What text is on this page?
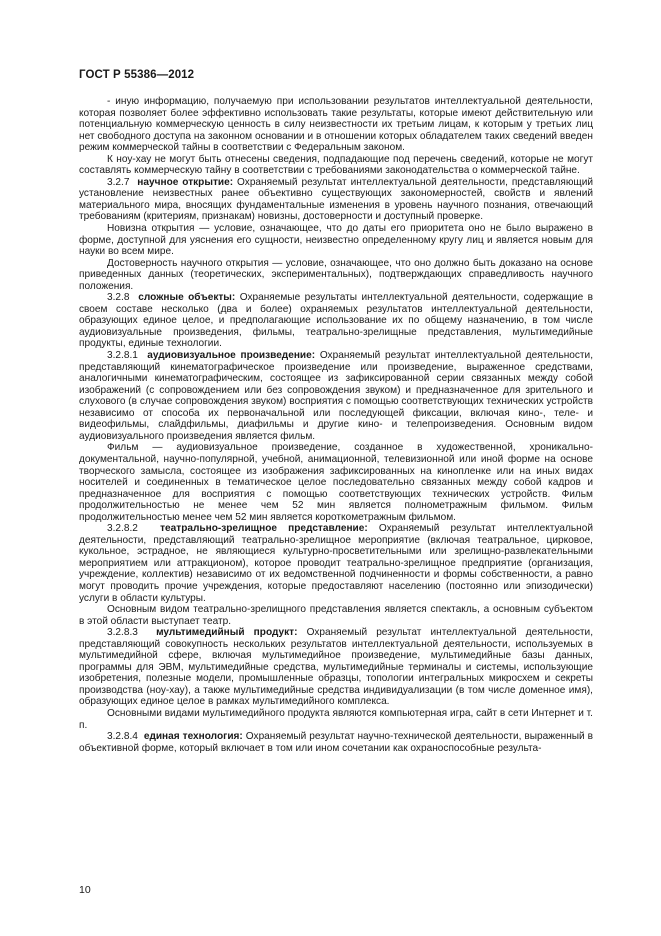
ГОСТ Р 55386—2012

- иную информацию, получаемую при использовании результатов интеллектуальной деятельности, которая позволяет более эффективно использовать такие результаты, которые имеют действительную или потенциальную коммерческую ценность в силу неизвестности их третьим лицам, к которым у третьих лиц нет свободного доступа на законном основании и в отношении которых обладателем таких сведений введен режим коммерческой тайны в соответствии с Федеральным законом.

К ноу-хау не могут быть отнесены сведения, подпадающие под перечень сведений, которые не могут составлять коммерческую тайну в соответствии с требованиями законодательства о коммерческой тайне.

3.2.7 научное открытие: Охраняемый результат интеллектуальной деятельности, представляющий установление неизвестных ранее объективно существующих закономерностей, свойств и явлений материального мира, вносящих фундаментальные изменения в уровень научного познания, отвечающий требованиям (критериям, признакам) новизны, достоверности и доступный проверке.

Новизна открытия — условие, означающее, что до даты его приоритета оно не было выражено в форме, доступной для уяснения его сущности, неизвестно определенному кругу лиц и является новым для науки во всем мире.

Достоверность научного открытия — условие, означающее, что оно должно быть доказано на основе приведенных данных (теоретических, экспериментальных), подтверждающих справедливость научного положения.

3.2.8 сложные объекты: Охраняемые результаты интеллектуальной деятельности, содержащие в своем составе несколько (два и более) охраняемых результатов интеллектуальной деятельности, образующих единое целое, и предполагающие использование их по общему назначению, в том числе аудиовизуальные произведения, фильмы, театрально-зрелищные представления, мультимедийные продукты, единые технологии.

3.2.8.1 аудиовизуальное произведение: Охраняемый результат интеллектуальной деятельности, представляющий кинематографическое произведение или произведение, выраженное средствами, аналогичными кинематографическим, состоящее из зафиксированной серии связанных между собой изображений (с сопровождением или без сопровождения звуком) и предназначенное для зрительного и слухового (в случае сопровождения звуком) восприятия с помощью соответствующих технических устройств независимо от способа их первоначальной или последующей фиксации, включая кино-, теле- и видеофильмы, слайдфильмы, диафильмы и другие кино- и телепроизведения. Основным видом аудиовизуального произведения является фильм.

Фильм — аудиовизуальное произведение, созданное в художественной, хроникально-документальной, научно-популярной, учебной, анимационной, телевизионной или иной форме на основе творческого замысла, состоящее из изображения зафиксированных на кинопленке или на иных видах носителей и соединенных в тематическое целое последовательно связанных между собой кадров и предназначенное для восприятия с помощью соответствующих технических устройств. Фильм продолжительностью не менее чем 52 мин является полнометражным фильмом. Фильм продолжительностью менее чем 52 мин является короткометражным фильмом.

3.2.8.2 театрально-зрелищное представление: Охраняемый результат интеллектуальной деятельности, представляющий театрально-зрелищное мероприятие (включая театральное, цирковое, кукольное, эстрадное, не являющиеся культурно-просветительными или зрелищно-развлекательными мероприятием или аттракционом), которое проводит театрально-зрелищное предприятие (организация, учреждение, коллектив) независимо от их ведомственной подчиненности и формы собственности, а равно могут проводить прочие учреждения, которые предоставляют населению (постоянно или эпизодически) услуги в области культуры.

Основным видом театрально-зрелищного представления является спектакль, а основным субъектом в этой области выступает театр.

3.2.8.3 мультимедийный продукт: Охраняемый результат интеллектуальной деятельности, представляющий совокупность нескольких результатов интеллектуальной деятельности, используемых в мультимедийной сфере, включая мультимедийное произведение, мультимедийные базы данных, программы для ЭВМ, мультимедийные средства, мультимедийные терминалы и системы, использующие изобретения, полезные модели, промышленные образцы, топологии интегральных микросхем и секреты производства (ноу-хау), а также мультимедийные средства индивидуализации (в том числе доменное имя), образующих единое целое в рамках мультимедийного комплекса.

Основными видами мультимедийного продукта являются компьютерная игра, сайт в сети Интернет и т. п.

3.2.8.4 единая технология: Охраняемый результат научно-технической деятельности, выраженный в объективной форме, который включает в том или ином сочетании как охраноспособные результа-

10
